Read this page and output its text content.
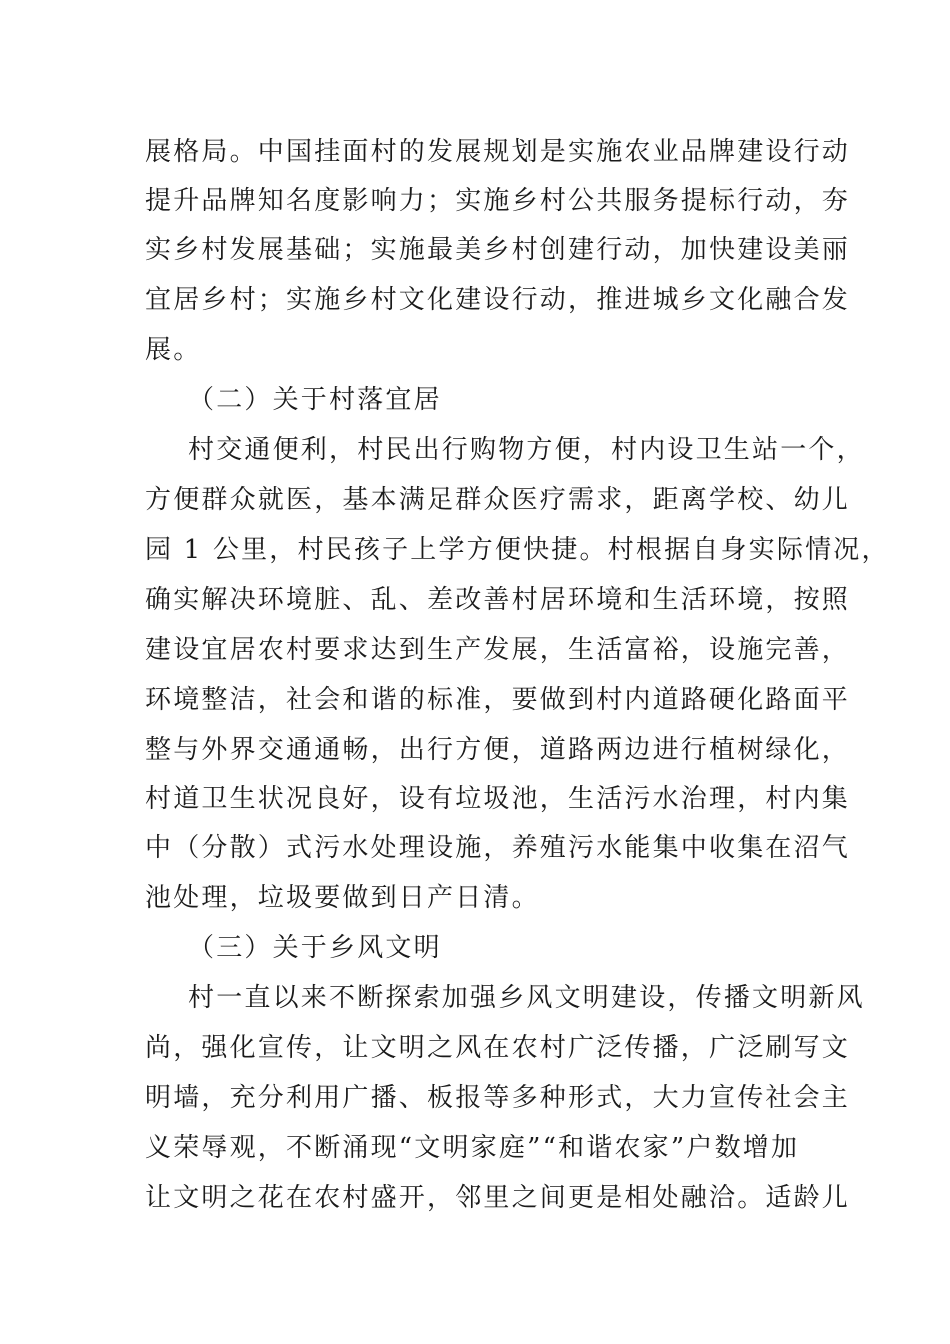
展格局。中国挂面村的发展规划是实施农业品牌建设行动
提升品牌知名度影响力；实施乡村公共服务提标行动，夯
实乡村发展基础；实施最美乡村创建行动，加快建设美丽
宜居乡村；实施乡村文化建设行动，推进城乡文化融合发
展。
（二）关于村落宜居
村交通便利，村民出行购物方便，村内设卫生站一个，
方便群众就医，基本满足群众医疗需求，距离学校、幼儿
园 1 公里，村民孩子上学方便快捷。村根据自身实际情况，
确实解决环境脏、乱、差改善村居环境和生活环境，按照
建设宜居农村要求达到生产发展，生活富裕，设施完善，
环境整洁，社会和谐的标准，要做到村内道路硬化路面平
整与外界交通通畅，出行方便，道路两边进行植树绿化，
村道卫生状况良好，设有垃圾池，生活污水治理，村内集
中（分散）式污水处理设施，养殖污水能集中收集在沼气
池处理，垃圾要做到日产日清。
（三）关于乡风文明
村一直以来不断探索加强乡风文明建设，传播文明新风
尚，强化宣传，让文明之风在农村广泛传播，广泛刷写文
明墙，充分利用广播、板报等多种形式，大力宣传社会主
义荣辱观，不断涌现“文明家庭”“和谐农家”户数增加
让文明之花在农村盛开，邻里之间更是相处融洽。适龄儿
